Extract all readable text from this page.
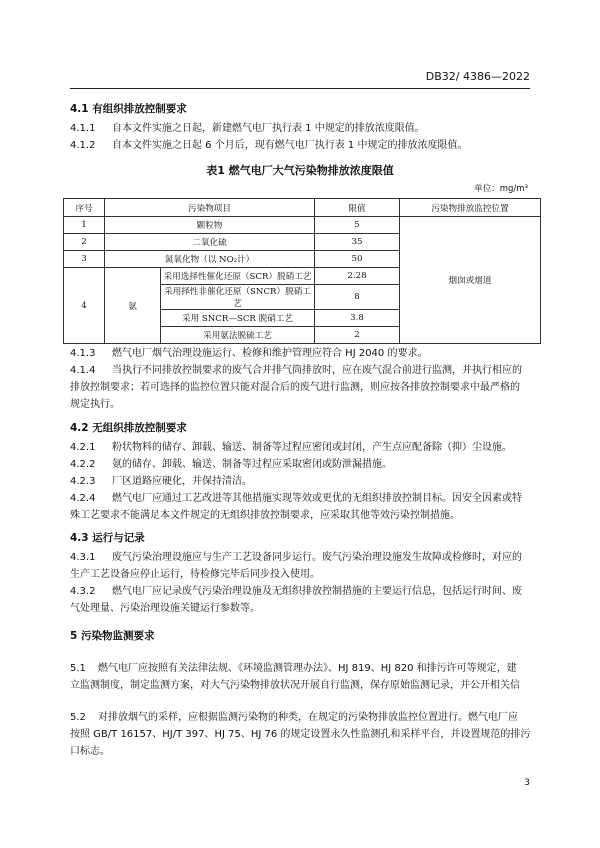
DB32/ 4386—2022
4.1 有组织排放控制要求
4.1.1 自本文件实施之日起，新建燃气电厂执行表 1 中规定的排放浓度限值。
4.1.2 自本文件实施之日起 6 个月后，现有燃气电厂执行表 1 中规定的排放浓度限值。
表1 燃气电厂大气污染物排放浓度限值
单位：mg/m³
序号	污染物项目		限值	污染物排放监控位置
1	颗粒物		5	烟囱或烟道
2	二氧化硫		35	
3	氮氧化物（以 NO₂计）		50	
4	氨	采用选择性催化还原（SCR）脱硝工艺	2.28	
		采用择性非催化还原（SNCR）脱硝工艺	8	
		采用 SNCR—SCR 脱硝工艺	3.8	
		采用氨法脱硫工艺	2	
4.1.3 燃气电厂烟气治理设施运行、检修和维护管理应符合 HJ 2040 的要求。
4.1.4 当执行不同排放控制要求的废气合并排气筒排放时，应在废气混合前进行监测，并执行相应的
排放控制要求；若可选择的监控位置只能对混合后的废气进行监测，则应按各排放控制要求中最严格的
规定执行。
4.2 无组织排放控制要求
4.2.1 粉状物料的储存、卸载、输送、制备等过程应密闭或封闭，产生点应配备除（抑）尘设施。
4.2.2 氨的储存、卸载、输送、制备等过程应采取密闭或防泄漏措施。
4.2.3 厂区道路应硬化，并保持清洁。
4.2.4 燃气电厂应通过工艺改进等其他措施实现等效或更优的无组织排放控制目标。因安全因素或特
殊工艺要求不能满足本文件规定的无组织排放控制要求，应采取其他等效污染控制措施。
4.3 运行与记录
4.3.1 废气污染治理设施应与生产工艺设备同步运行。废气污染治理设施发生故障或检修时，对应的
生产工艺设备应停止运行，待检修完毕后同步投入使用。
4.3.2 燃气电厂应记录废气污染治理设施及无组织排放控制措施的主要运行信息，包括运行时间、废
气处理量、污染治理设施关键运行参数等。
5 污染物监测要求
5.1 燃气电厂应按照有关法律法规、《环境监测管理办法》、HJ 819、HJ 820 和排污许可等规定，建
立监测制度，制定监测方案，对大气污染物排放状况开展自行监测，保存原始监测记录，并公开相关信
5.2 对排放烟气的采样，应根据监测污染物的种类，在规定的污染物排放监控位置进行。燃气电厂应
按照 GB/T 16157、HJ/T 397、HJ 75、HJ 76 的规定设置永久性监测孔和采样平台，并设置规范的排污
口标志。
3
